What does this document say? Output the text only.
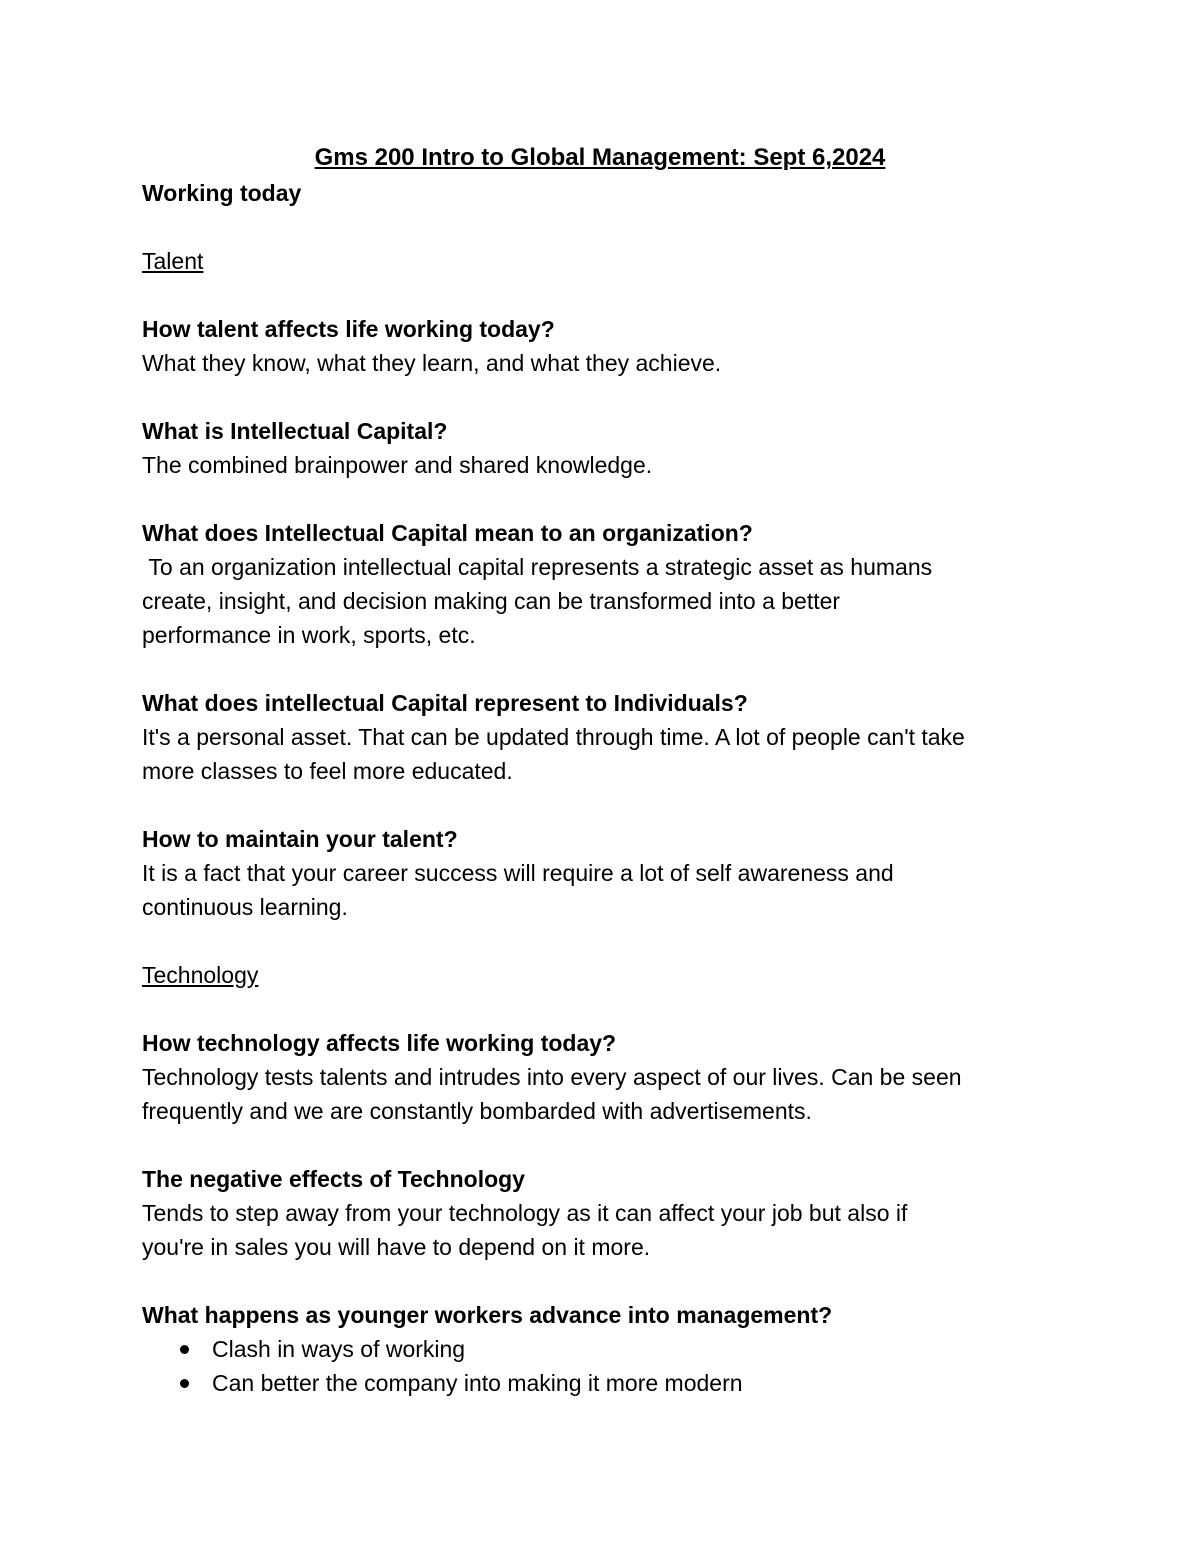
Gms 200 Intro to Global Management: Sept 6,2024

Working today

Talent

How talent affects life working today?

What they know, what they learn, and what they achieve.

What is Intellectual Capital?

The combined brainpower and shared knowledge.

What does Intellectual Capital mean to an organization?

To an organization intellectual capital represents a strategic asset as humans

create, insight, and decision making can be transformed into a better

performance in work, sports, etc.

What does intellectual Capital represent to Individuals?

It's a personal asset. That can be updated through time. A lot of people can't take

more classes to feel more educated.

How to maintain your talent?

It is a fact that your career success will require a lot of self awareness and

continuous learning.

Technology

How technology affects life working today?

Technology tests talents and intrudes into every aspect of our lives. Can be seen

frequently and we are constantly bombarded with advertisements.

The negative effects of Technology

Tends to step away from your technology as it can affect your job but also if

you're in sales you will have to depend on it more.

What happens as younger workers advance into management?

Clash in ways of working
Can better the company into making it more modern
